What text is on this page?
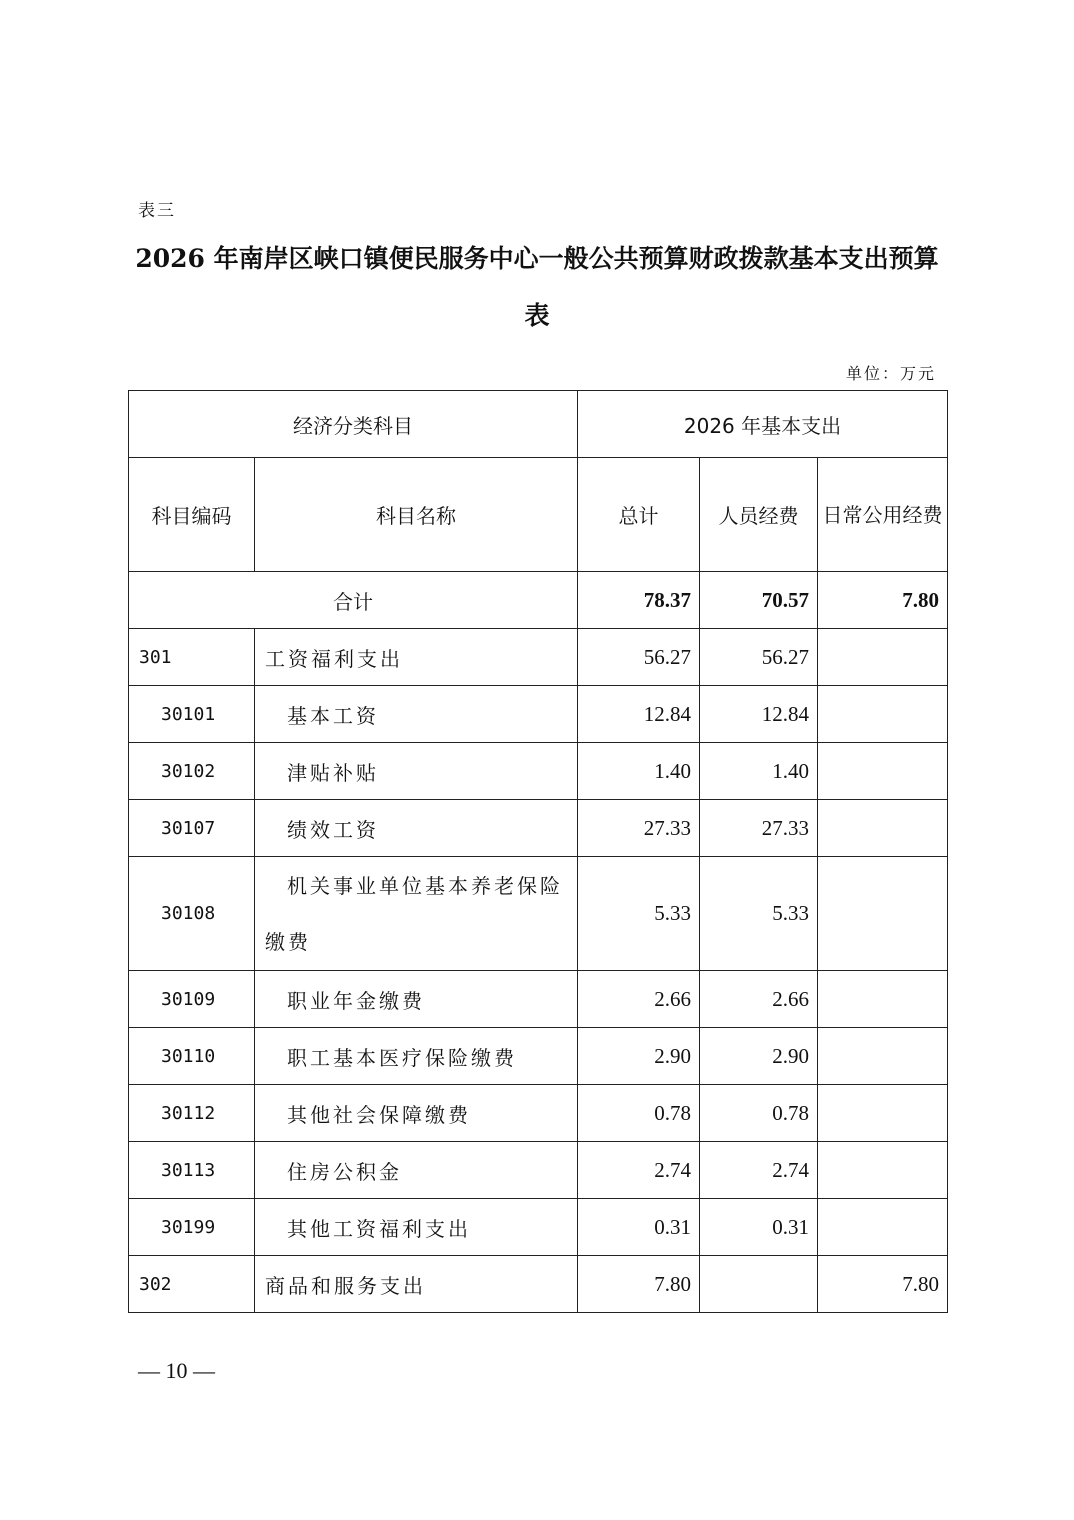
表三
2026 年南岸区峡口镇便民服务中心一般公共预算财政拨款基本支出预算
表
单位：万元
经济分类科目		2026 年基本支出		
科目编码	科目名称	总计	人员经费	日常公用经费
合计		78.37	70.57	7.80
301	工资福利支出	56.27	56.27	
30101	基本工资	12.84	12.84	
30102	津贴补贴	1.40	1.40	
30107	绩效工资	27.33	27.33	
30108	机关事业单位基本养老保险缴费	5.33	5.33	
30109	职业年金缴费	2.66	2.66	
30110	职工基本医疗保险缴费	2.90	2.90	
30112	其他社会保障缴费	0.78	0.78	
30113	住房公积金	2.74	2.74	
30199	其他工资福利支出	0.31	0.31	
302	商品和服务支出	7.80		7.80
— 10 —
